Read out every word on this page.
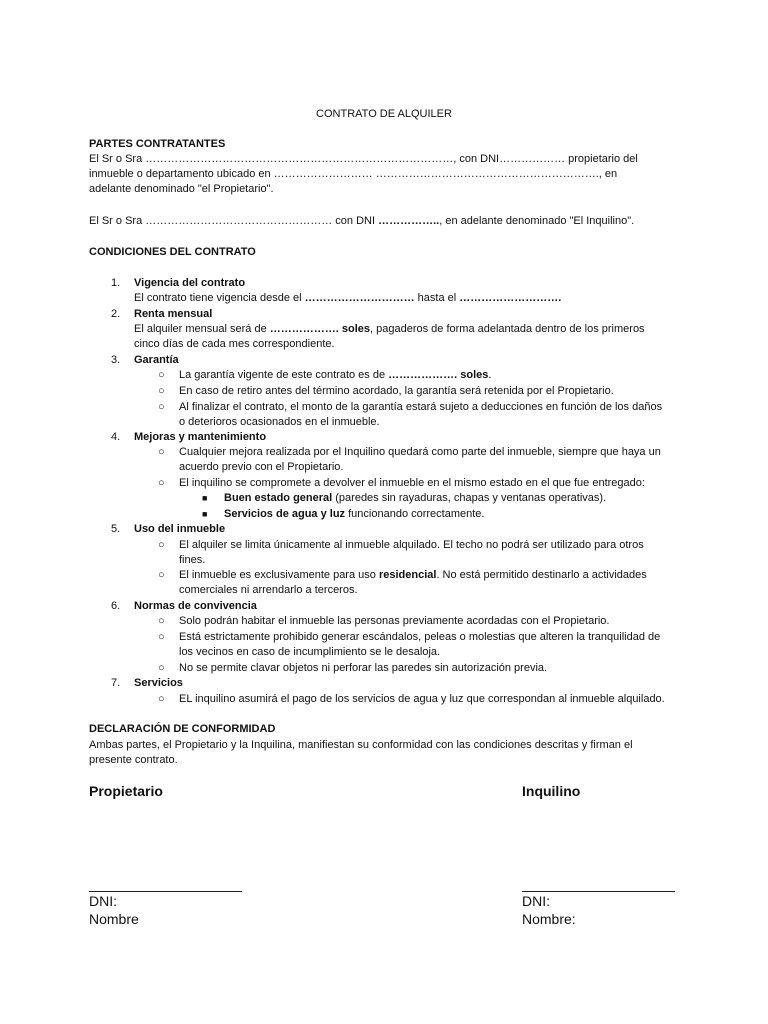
CONTRATO DE ALQUILER
PARTES CONTRATANTES
El Sr o Sra …………………………………………………………………………, con DNI……………… propietario del
inmueble o departamento ubicado en ……………………… ……………………………………………………., en
adelante denominado "el Propietario".
El Sr o Sra …………………………………………… con DNI …………….., en adelante denominado "El Inquilino".
CONDICIONES DEL CONTRATO
1. Vigencia del contrato
El contrato tiene vigencia desde el ………………………… hasta el ……………………….
2. Renta mensual
El alquiler mensual será de ………………. soles, pagaderos de forma adelantada dentro de los primeros
cinco días de cada mes correspondiente.
3. Garantía
○ La garantía vigente de este contrato es de ………………. soles.
○ En caso de retiro antes del término acordado, la garantía será retenida por el Propietario.
○ Al finalizar el contrato, el monto de la garantía estará sujeto a deducciones en función de los daños
o deterioros ocasionados en el inmueble.
4. Mejoras y mantenimiento
○ Cualquier mejora realizada por el Inquilino quedará como parte del inmueble, siempre que haya un
acuerdo previo con el Propietario.
○ El inquilino se compromete a devolver el inmueble en el mismo estado en el que fue entregado:
■ Buen estado general (paredes sin rayaduras, chapas y ventanas operativas).
■ Servicios de agua y luz funcionando correctamente.
5. Uso del inmueble
○ El alquiler se limita únicamente al inmueble alquilado. El techo no podrá ser utilizado para otros
fines.
○ El inmueble es exclusivamente para uso residencial. No está permitido destinarlo a actividades
comerciales ni arrendarlo a terceros.
6. Normas de convivencia
○ Solo podrán habitar el inmueble las personas previamente acordadas con el Propietario.
○ Está estrictamente prohibido generar escándalos, peleas o molestias que alteren la tranquilidad de
los vecinos en caso de incumplimiento se le desaloja.
○ No se permite clavar objetos ni perforar las paredes sin autorización previa.
7. Servicios
○ EL inquilino asumirá el pago de los servicios de agua y luz que correspondan al inmueble alquilado.
DECLARACIÓN DE CONFORMIDAD
Ambas partes, el Propietario y la Inquilina, manifiestan su conformidad con las condiciones descritas y firman el
presente contrato.
Propietario	Inquilino
DNI:	DNI:
Nombre	Nombre:
